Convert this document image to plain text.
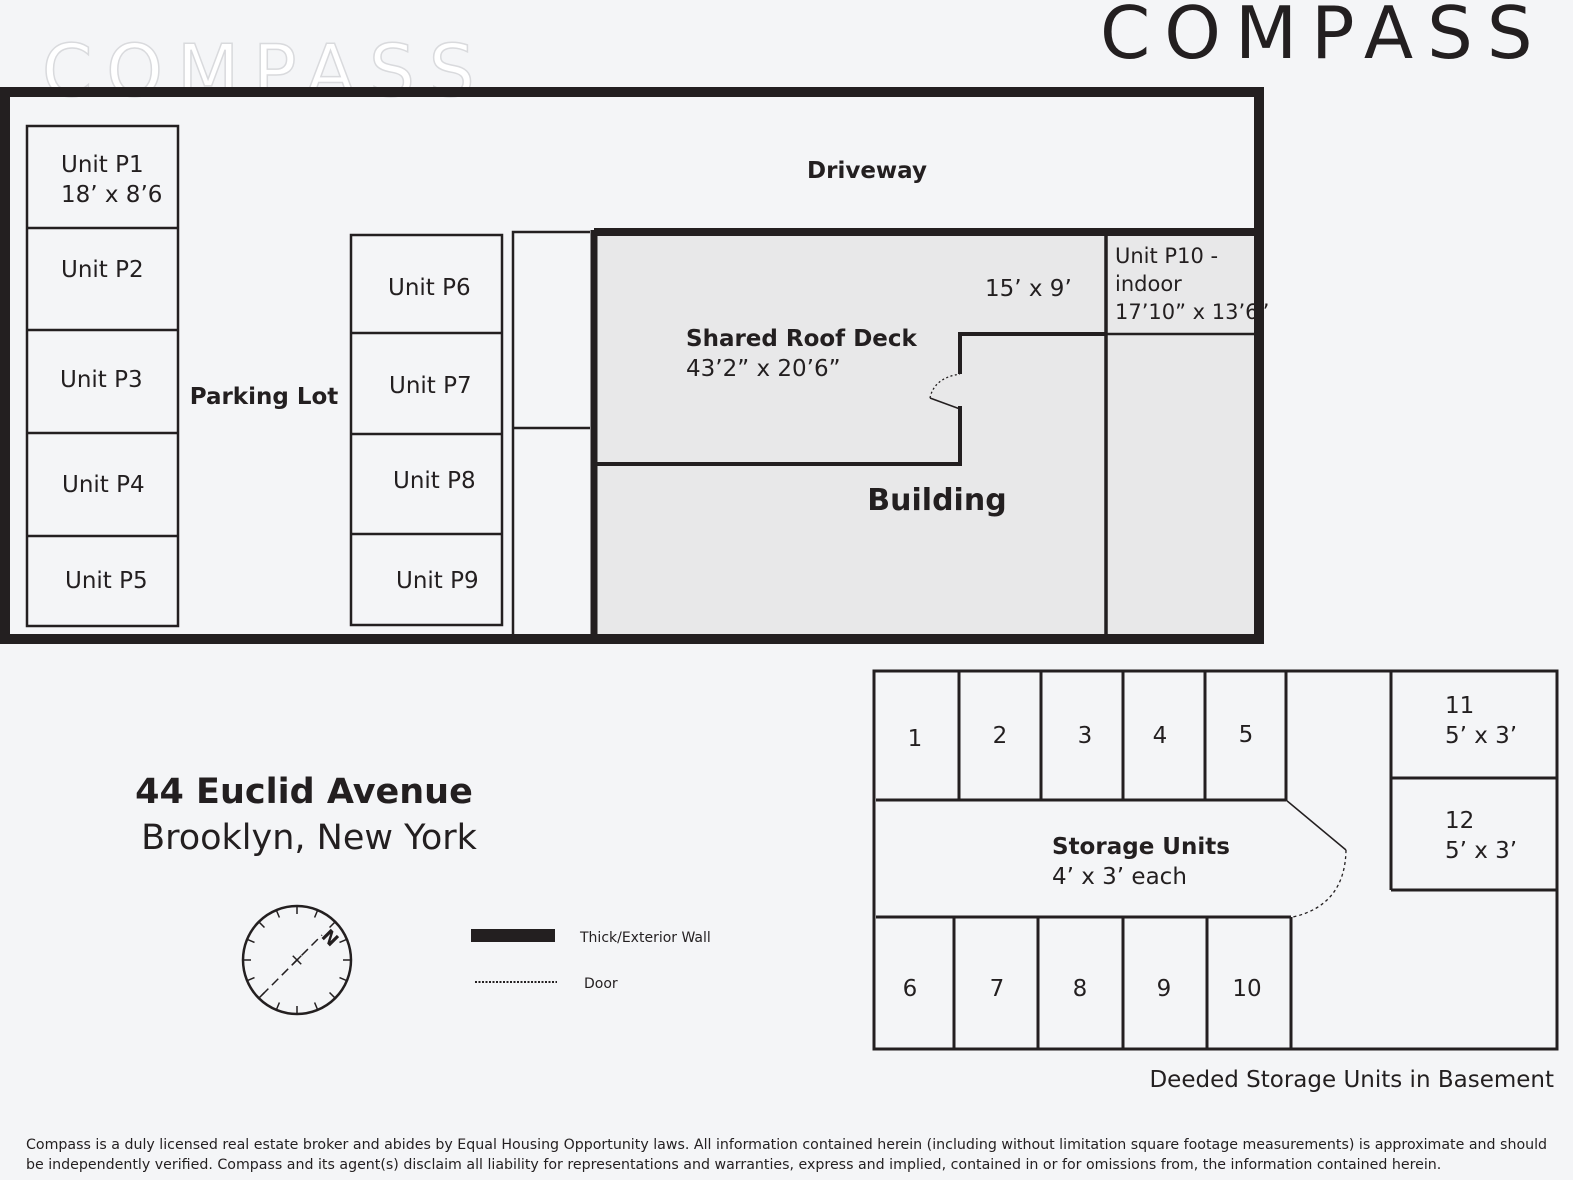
COMPASS
COMPASS
Driveway
Parking Lot
Building
Shared Roof Deck
43’2” x 20’6”
15’ x 9’
Unit P1
18’ x 8’6
Unit P2
Unit P3
Unit P4
Unit P5
Unit P6
Unit P7
Unit P8
Unit P9
Unit P10 -
indoor
17’10” x 13’6”
1	2	3	4	5
6	7	8	9	10
11
5’ x 3’
12
5’ x 3’
Storage Units
4’ x 3’ each
Deeded Storage Units in Basement
44 Euclid Avenue
Brooklyn, New York
N	Thick/Exterior Wall
Door

Compass is a duly licensed real estate broker and abides by Equal Housing Opportunity laws. All information contained herein (including without limitation square footage measurements) is approximate and should be independently verified. Compass and its agent(s) disclaim all liability for representations and warranties, express and implied, contained in or for omissions from, the information contained herein.
